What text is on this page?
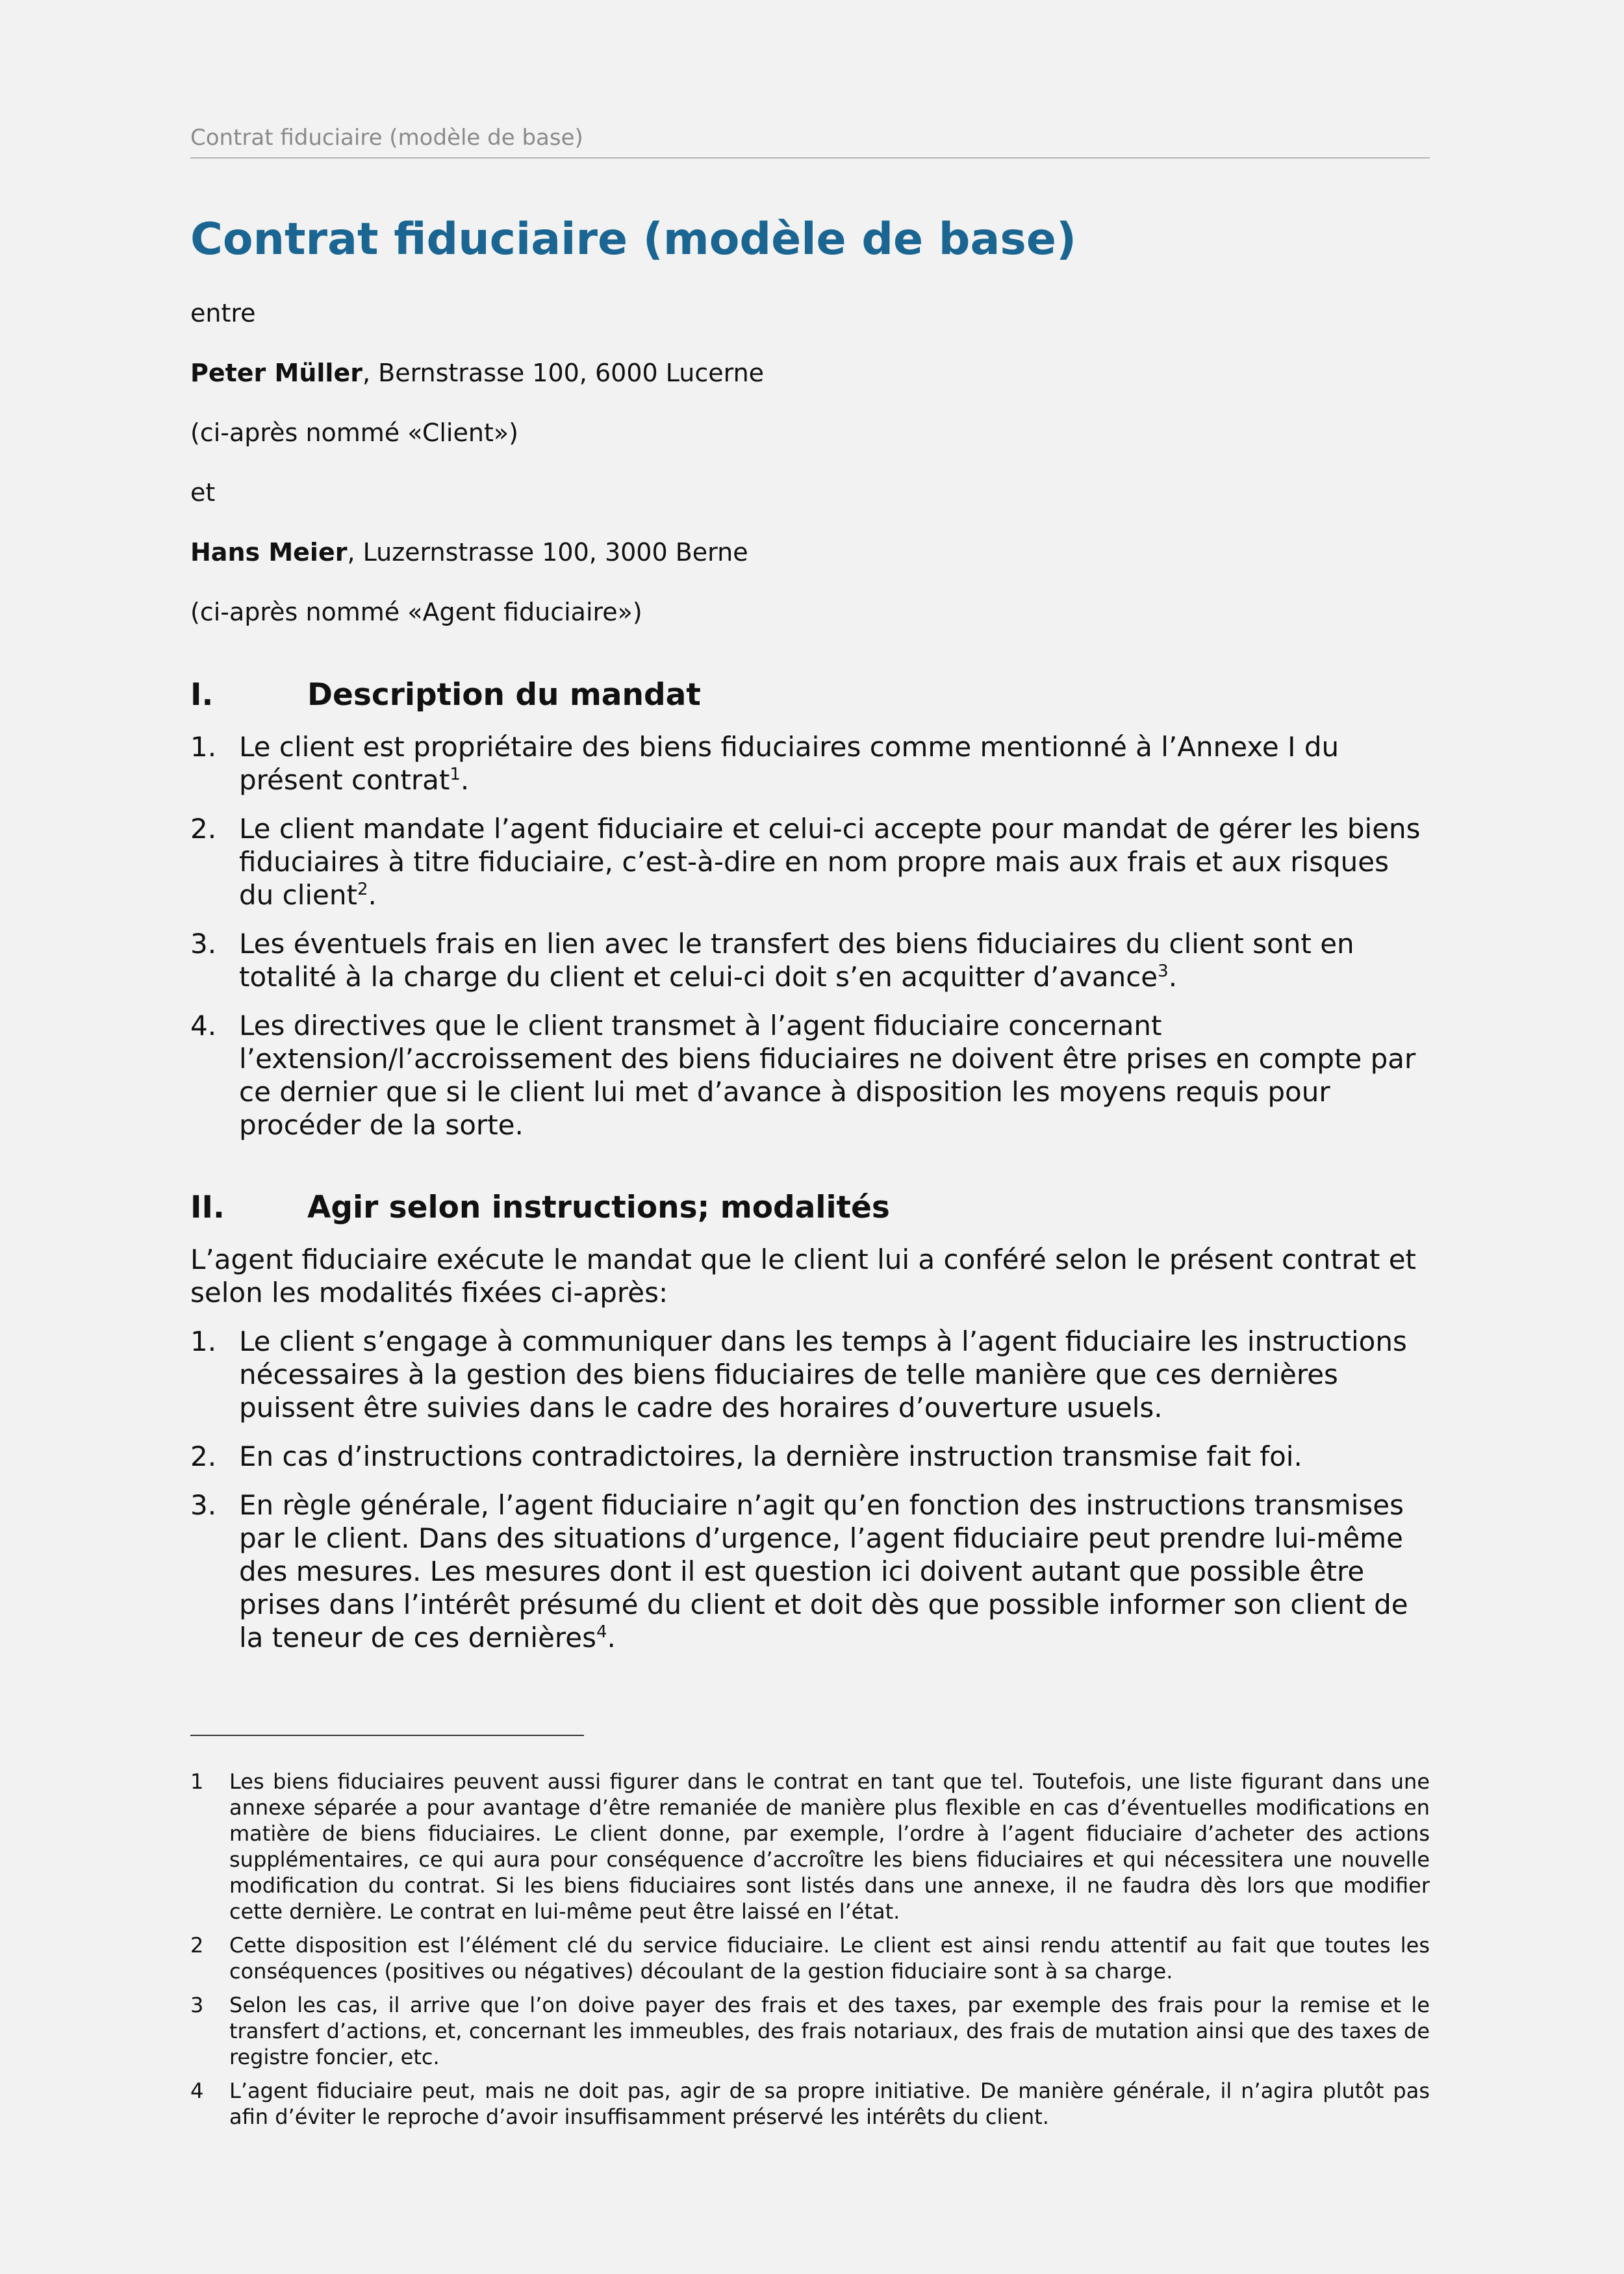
Contrat fiduciaire (modèle de base)
Contrat fiduciaire (modèle de base)

entre

Peter Müller, Bernstrasse 100, 6000 Lucerne

(ci-après nommé «Client»)

et

Hans Meier, Luzernstrasse 100, 3000 Berne

(ci-après nommé «Agent fiduciaire»)

I.	Description du mandat
1. Le client est propriétaire des biens fiduciaires comme mentionné à l’Annexe I du présent contrat$^1$.
2. Le client mandate l’agent fiduciaire et celui-ci accepte pour mandat de gérer les biens fiduciaires à titre fiduciaire, c’est-à-dire en nom propre mais aux frais et aux risques du client$^2$.
3. Les éventuels frais en lien avec le transfert des biens fiduciaires du client sont en totalité à la charge du client et celui-ci doit s’en acquitter d’avance$^3$.
4. Les directives que le client transmet à l’agent fiduciaire concernant l’extension/l’accroissement des biens fiduciaires ne doivent être prises en compte par ce dernier que si le client lui met d’avance à disposition les moyens requis pour procéder de la sorte.
II.	Agir selon instructions; modalités

L’agent fiduciaire exécute le mandat que le client lui a conféré selon le présent contrat et selon les modalités fixées ci-après:

1. Le client s’engage à communiquer dans les temps à l’agent fiduciaire les instructions nécessaires à la gestion des biens fiduciaires de telle manière que ces dernières puissent être suivies dans le cadre des horaires d’ouverture usuels.
2. En cas d’instructions contradictoires, la dernière instruction transmise fait foi.
3. En règle générale, l’agent fiduciaire n’agit qu’en fonction des instructions transmises par le client. Dans des situations d’urgence, l’agent fiduciaire peut prendre lui-même des mesures. Les mesures dont il est question ici doivent autant que possible être prises dans l’intérêt présumé du client et doit dès que possible informer son client de la teneur de ces dernières$^4$.
1	Les biens fiduciaires peuvent aussi figurer dans le contrat en tant que tel. Toutefois, une liste figurant dans une annexe séparée a pour avantage d’être remaniée de manière plus flexible en cas d’éventuelles modifications en matière de biens fiduciaires. Le client donne, par exemple, l’ordre à l’agent fiduciaire d’acheter des actions supplémentaires, ce qui aura pour conséquence d’accroître les biens fiduciaires et qui nécessitera une nouvelle modification du contrat. Si les biens fiduciaires sont listés dans une annexe, il ne faudra dès lors que modifier cette dernière. Le contrat en lui-même peut être laissé en l’état.
2	Cette disposition est l’élément clé du service fiduciaire. Le client est ainsi rendu attentif au fait que toutes les conséquences (positives ou négatives) découlant de la gestion fiduciaire sont à sa charge.
3	Selon les cas, il arrive que l’on doive payer des frais et des taxes, par exemple des frais pour la remise et le transfert d’actions, et, concernant les immeubles, des frais notariaux, des frais de mutation ainsi que des taxes de registre foncier, etc.
4	L’agent fiduciaire peut, mais ne doit pas, agir de sa propre initiative. De manière générale, il n’agira plutôt pas afin d’éviter le reproche d’avoir insuffisamment préservé les intérêts du client.
